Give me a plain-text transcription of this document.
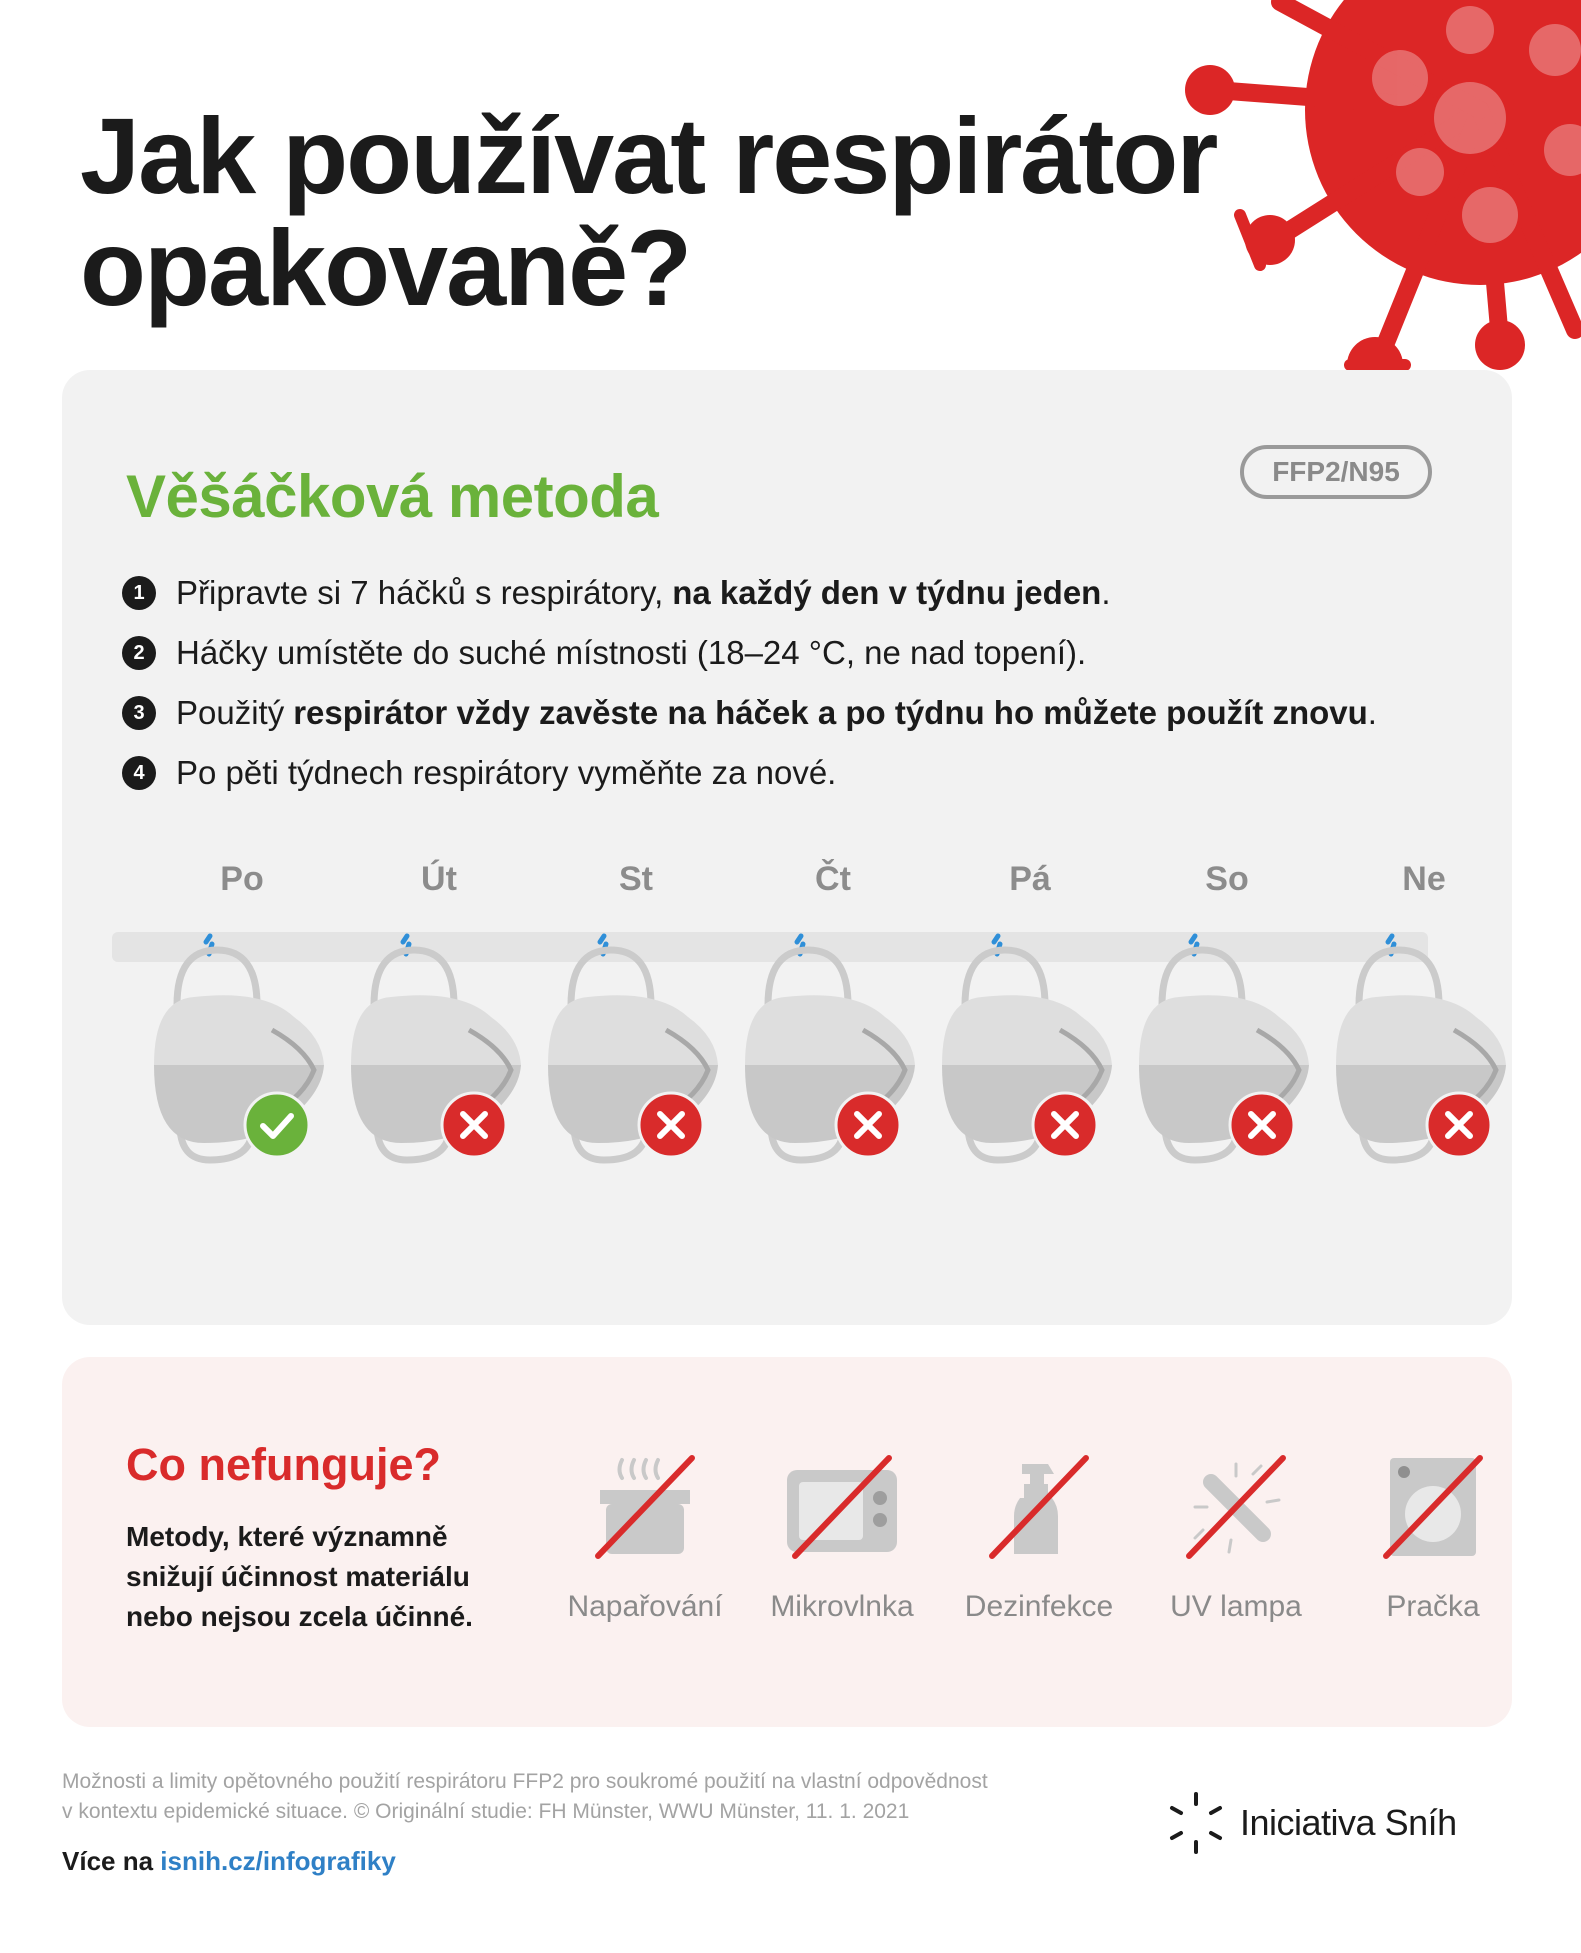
Jak používat respirátor
opakovaně?
Věšáčková metoda	FFP2/N95
1 Připravte si 7 háčků s respirátory, na každý den v týdnu jeden .
2 Háčky umístěte do suché místnosti (18–24 °C, ne nad topení).
3 Použitý respirátor vždy zavěste na háček a po týdnu ho můžete použít znovu .
4 Po pěti týdnech respirátory vyměňte za nové.
Po	Út	St	Čt	Pá	So	Ne
Co nefunguje?

Metody, které významně snižují účinnost materiálu nebo nejsou zcela účinné.	Napařování	Mikrovlnka	Dezinfekce	UV lampa	Pračka

Možnosti a limity opětovného použití respirátoru FFP2 pro soukromé použití na vlastní odpovědnost
v kontextu epidemické situace. © Originální studie: FH Münster, WWU Münster, 11. 1. 2021

Více na isnih.cz/infografiky

Iniciativa Sníh
